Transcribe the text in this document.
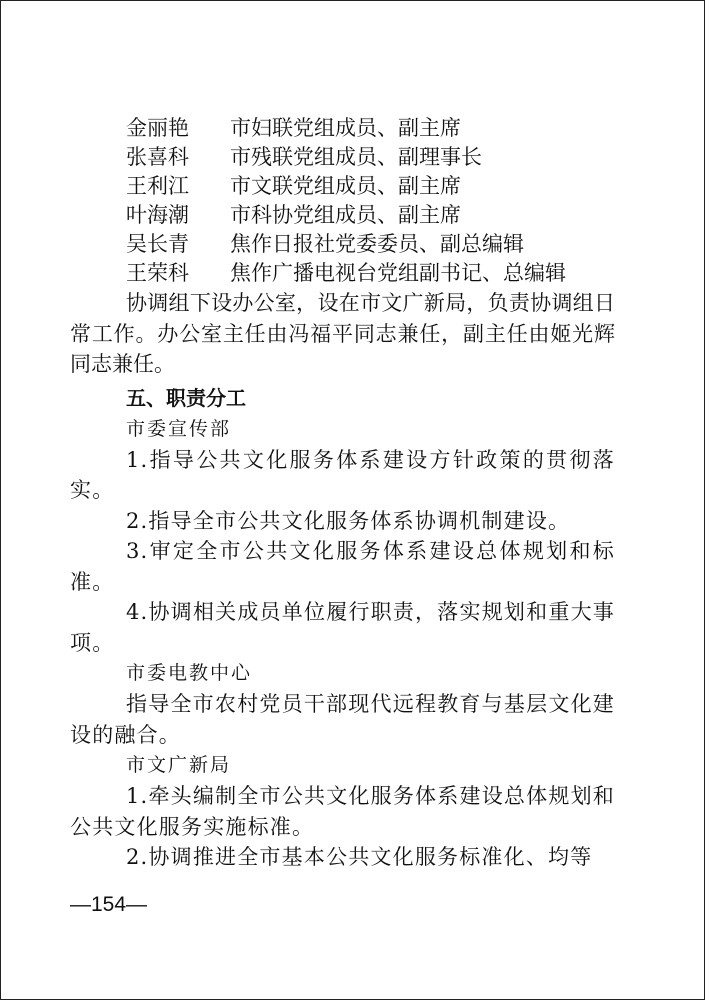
金丽艳	市妇联党组成员、副主席
张喜科	市残联党组成员、副理事长
王利江	市文联党组成员、副主席
叶海潮	市科协党组成员、副主席
吴长青	焦作日报社党委委员、副总编辑
王荣科	焦作广播电视台党组副书记、总编辑

协调组下设办公室，设在市文广新局，负责协调组日常工作。办公室主任由冯福平同志兼任，副主任由姬光辉同志兼任。

五、职责分工

市委宣传部

1.指导公共文化服务体系建设方针政策的贯彻落实。

2.指导全市公共文化服务体系协调机制建设。

3.审定全市公共文化服务体系建设总体规划和标准。

4.协调相关成员单位履行职责，落实规划和重大事项。

市委电教中心

指导全市农村党员干部现代远程教育与基层文化建设的融合。

市文广新局

1.牵头编制全市公共文化服务体系建设总体规划和公共文化服务实施标准。

2.协调推进全市基本公共文化服务标准化、均等

—154—
